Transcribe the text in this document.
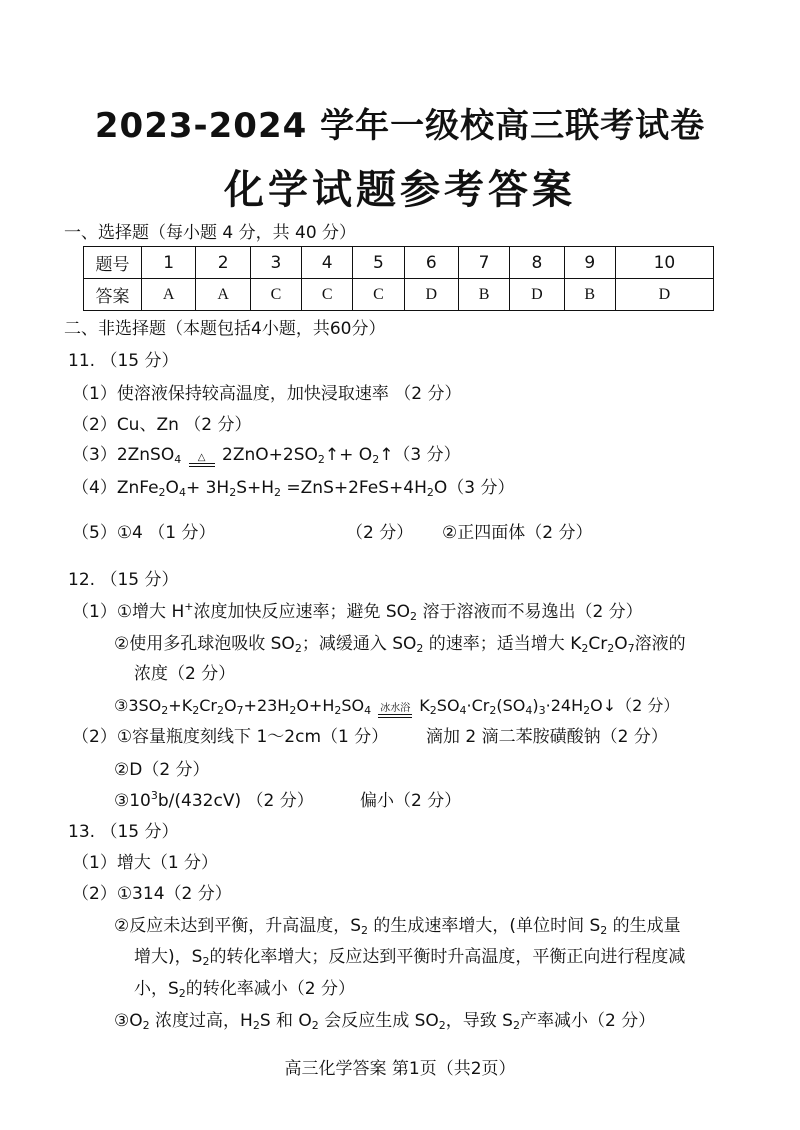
2023-2024 学年一级校高三联考试卷
化学试题参考答案
一、选择题（每小题 4 分，共 40 分）
题号	1	2	3	4	5	6	7	8	9	10
答案	A	A	C	C	C	D	B	D	B	D
二、非选择题（本题包括4小题，共60分）
11. （15 分）
（1）使溶液保持较高温度，加快浸取速率 （2 分）
（2）Cu、Zn （2 分）
（3）2ZnSO$_4$	△ $2ZnO+2SO_2↑+$ $O_2↑(3$ 分）
$(4)ZnFe_2O_4+ 3H_2S+H_2 =ZnS+2FeS+4H_2O(3$ 分）
（5）①4 （1 分）	（2 分） ②正四面体（2 分）
12. （15 分）
（1）①增大 H+浓度加快反应速率；避免 $SO_2$ 溶于溶液而不易逸出（2 分）
②使用多孔球泡吸收 $SO_2$；减缓通入 $SO_2$ 的速率；适当增大 $K_2Cr_2O_7$溶液的
浓度（2 分）
$③3SO_2+K_2Cr_2O_7+23H_2O+H_2SO_4$ 冰水浴 $K_2SO_4\cdot Cr_2(SO_4)_3\cdot 24H_2O↓(2$ 分）
（2）①容量瓶度刻线下 1～2cm（1 分） 滴加 2 滴二苯胺磺酸钠（2 分）
②D（2 分）
$③10^3b/(432cV)$ （2 分）	偏小（2 分）
13. （15 分）
（1）增大（1 分）
（2）①314（2 分）
②反应未达到平衡，升高温度，$S_2$ 的生成速率增大，(单位时间 $S_2$ 的生成量
增大)，$S_2$的转化率增大；反应达到平衡时升高温度，平衡正向进行程度减
小，$S_2$的转化率减小（2 分）
$③O_2$ 浓度过高，$H_2S$ 和 $O_2$ 会反应生成 $SO_2$，导致 $S_2$产率减小（2 分）
高三化学答案 第1页（共2页）
